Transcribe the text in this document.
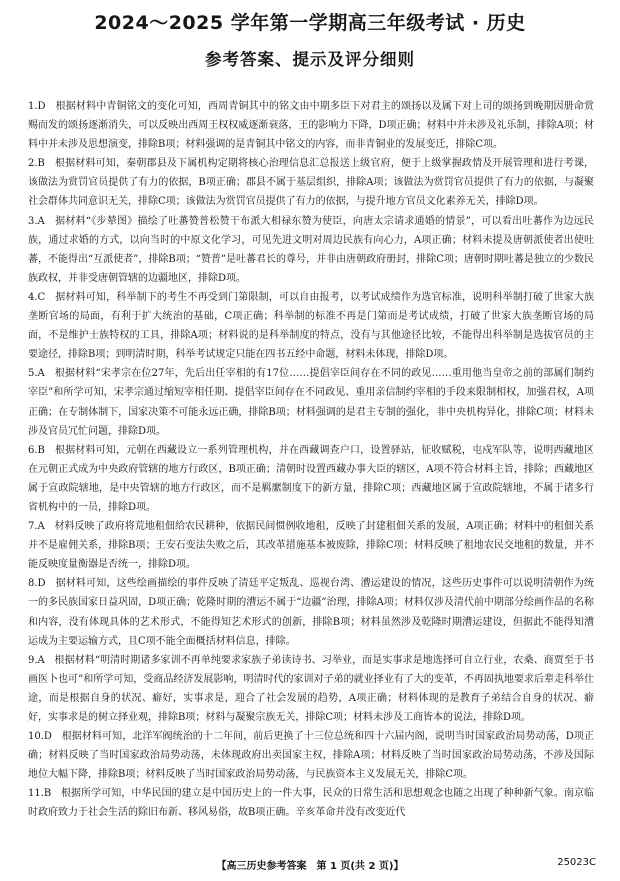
2024～2025 学年第一学期高三年级考试 · 历史
参考答案、提示及评分细则
1.D 根据材料中青铜铭文的变化可知，西周青铜其中的铭文由中期多臣下对君主的颂扬以及属下对上司的颂扬到晚期因册命赏赐而发的颂扬逐渐消失，可以反映出西周王权权威逐渐衰落，王的影响力下降，D项正确；材料中并未涉及礼乐制，排除A项；材料中并未涉及思想演变，排除B项；材料强调的是青铜其中铭文的内容，而非青铜业的发展变迁，排除C项。
2.B 根据材料可知，秦朝郡县及下属机构定期将核心治理信息汇总报送上级官府，便于上级掌握政情及开展管理和进行考课，该做法为赏罚官员提供了有力的依据，B项正确；郡县不属于基层组织，排除A项；该做法为赏罚官员提供了有力的依据，与凝聚社会群体共同意识无关，排除C项；该做法为赏罚官员提供了有力的依据，与提升地方官员文化素养无关，排除D项。
3.A 据材料“《步辇图》描绘了吐蕃赞普松赞干布派大相禄东赞为使臣，向唐太宗请求通婚的情景”，可以看出吐蕃作为边远民族，通过求婚的方式，以向当时的中原文化学习，可见先进文明对周边民族有向心力，A项正确；材料未提及唐朝派使者出使吐蕃，不能得出“互派使者”，排除B项；“赞普”是吐蕃君长的尊号，并非由唐朝政府册封，排除C项；唐朝时期吐蕃是独立的少数民族政权，并非受唐朝管辖的边疆地区，排除D项。
4.C 据材料可知，科举制下的考生不再受到门第限制，可以自由报考，以考试成绩作为选官标准，说明科举制打破了世家大族垄断官场的局面，有利于扩大统治的基础，C项正确；科举制的标准不再是门第而是考试成绩，打破了世家大族垄断官场的局面，不是维护士族特权的工具，排除A项；材料说的是科举制度的特点，没有与其他途径比较，不能得出科举制是选拔官员的主要途径，排除B项；到明清时期，科举考试规定只能在四书五经中命题，材料未体现，排除D项。
5.A 根据材料“宋孝宗在位27年，先后出任宰相的有17位……提倡宰臣间存在不同的政见……重用他当皇帝之前的部属们制约宰臣”和所学可知，宋孝宗通过缩短宰相任期、提倡宰臣间存在不同政见、重用亲信制约宰相的手段来限制相权，加强君权，A项正确；在专制体制下，国家决策不可能永远正确，排除B项；材料强调的是君主专制的强化，非中央机构异化，排除C项；材料未涉及官员冗忙问题，排除D项。
6.B 根据材料可知，元朝在西藏设立一系列管理机构，并在西藏调查户口，设置驿站，征收赋税，屯戍军队等，说明西藏地区在元朝正式成为中央政府管辖的地方行政区，B项正确；清朝时设置西藏办事大臣的辖区，A项不符合材料主旨，排除；西藏地区属于宣政院辖地，是中央管辖的地方行政区，而不是羁縻制度下的新方量，排除C项；西藏地区属于宣政院辖地，不属于诸多行省机构中的一员，排除D项。
7.A 材料反映了政府将荒地租佃给农民耕种，依据民间惯例收地租，反映了封建租佃关系的发展，A项正确；材料中的租佃关系并不是雇佣关系，排除B项；王安石变法失败之后，其改革措施基本被废除，排除C项；材料反映了租地农民交地租的数量，并不能反映度量衡器是否统一，排除D项。
8.D 据材料可知，这些绘画描绘的事件反映了清廷平定叛乱、巡视台湾、漕运建设的情况，这些历史事件可以说明清朝作为统一的多民族国家日益巩固，D项正确；乾隆时期的漕运不属于“边疆”治理，排除A项；材料仅涉及清代前中期部分绘画作品的名称和内容，没有体现具体的艺术形式，不能得知艺术形式的创新，排除B项；材料虽然涉及乾隆时期漕运建设，但据此不能得知漕运成为主要运输方式，且C项不能全面概括材料信息，排除。
9.A 根据材料“明清时期诸多家训不再单纯要求家族子弟读诗书、习举业，而是实事求是地选择可自立行业，农桑、商贾至于书画医卜也可”和所学可知，受商品经济发展影响，明清时代的家训对子弟的就业择业有了大的变革，不再固执地要求后辈走科举仕途，而是根据自身的状况、癖好，实事求是，迎合了社会发展的趋势，A项正确；材料体现的是教育子弟结合自身的状况、癖好，实事求是的树立择业观，排除B项；材料与凝聚宗族无关，排除C项；材料未涉及工商皆本的说法，排除D项。
10.D 根据材料可知，北洋军阀统治的十二年间，前后更换了十三位总统和四十六届内阁，说明当时国家政治局势动荡，D项正确；材料反映了当时国家政治局势动荡，未体现政府出卖国家主权，排除A项；材料反映了当时国家政治局势动荡，不涉及国际地位大幅下降，排除B项；材料反映了当时国家政治局势动荡，与民族资本主义发展无关，排除C项。
11.B 根据所学可知，中华民国的建立是中国历史上的一件大事，民众的日常生活和思想观念也随之出现了种种新气象。南京临时政府致力于社会生活的除旧布新、移风易俗，故B项正确。辛亥革命并没有改变近代
【高三历史参考答案　第 1 页(共 2 页)】	25023C
